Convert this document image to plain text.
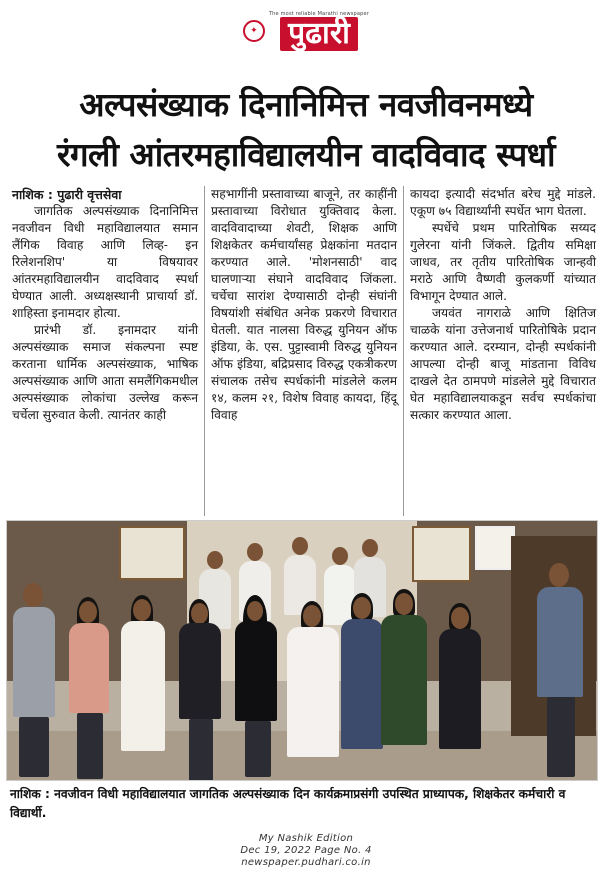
✦
The most reliable Marathi newspaper
पुढारी
अल्पसंख्याक दिनानिमित्त नवजीवनमध्ये
रंगली आंतरमहाविद्यालयीन वादविवाद स्पर्धा
नाशिक : पुढारी वृत्तसेवा

जागतिक अल्पसंख्याक दिनानिमित्त नवजीवन विधी महाविद्यालयात समान लैंगिक विवाह आणि लिव्ह- इन रिलेशनशिप' या विषयावर आंतरमहाविद्यालयीन वादविवाद स्पर्धा घेण्यात आली. अध्यक्षस्थानी प्राचार्या डॉ. शाहिस्ता इनामदार होत्या.

प्रारंभी डॉ. इनामदार यांनी अल्पसंख्याक समाज संकल्पना स्पष्ट करताना धार्मिक अल्पसंख्याक, भाषिक अल्पसंख्याक आणि आता समलैंगिकमधील अल्पसंख्याक लोकांचा उल्लेख करून चर्चेला सुरुवात केली. त्यानंतर काही

सहभागींनी प्रस्तावाच्या बाजूने, तर काहींनी प्रस्तावाच्या विरोधात युक्तिवाद केला. वादविवादाच्या शेवटी, शिक्षक आणि शिक्षकेतर कर्मचार्यांसह प्रेक्षकांना मतदान करण्यात आले. 'मोशनसाठी' वाद घालणाऱ्या संघाने वादविवाद जिंकला. चर्चेचा सारांश देण्यासाठी दोन्ही संघांनी विषयांशी संबंधित अनेक प्रकरणे विचारात घेतली. यात नालसा विरुद्ध युनियन ऑफ इंडिया, के. एस. पुट्टास्वामी विरुद्ध युनियन ऑफ इंडिया, बद्रिप्रसाद विरुद्ध एकत्रीकरण संचालक तसेच स्पर्धकांनी मांडलेले कलम १४, कलम २१, विशेष विवाह कायदा, हिंदू विवाह

कायदा इत्यादी संदर्भात बरेच मुद्दे मांडले. एकूण ७५ विद्यार्थ्यांनी स्पर्धेत भाग घेतला.

स्पर्धेचे प्रथम पारितोषिक सय्यद गुलेरना यांनी जिंकले. द्वितीय समिक्षा जाधव, तर तृतीय पारितोषिक जान्हवी मराठे आणि वैष्णवी कुलकर्णी यांच्यात विभागून देण्यात आले.

जयवंत नागराळे आणि क्षितिज चाळके यांना उत्तेजनार्थ पारितोषिके प्रदान करण्यात आले. दरम्यान, दोन्ही स्पर्धकांनी आपल्या दोन्ही बाजू मांडताना विविध दाखले देत ठामपणे मांडलेले मुद्दे विचारात घेत महाविद्यालयाकडून सर्वच स्पर्धकांचा सत्कार करण्यात आला.

नाशिक : नवजीवन विधी महाविद्यालयात जागतिक अल्पसंख्याक दिन कार्यक्रमाप्रसंगी उपस्थित प्राध्यापक, शिक्षकेतर कर्मचारी व विद्यार्थी.
My Nashik Edition
Dec 19, 2022 Page No. 4
newspaper.pudhari.co.in
